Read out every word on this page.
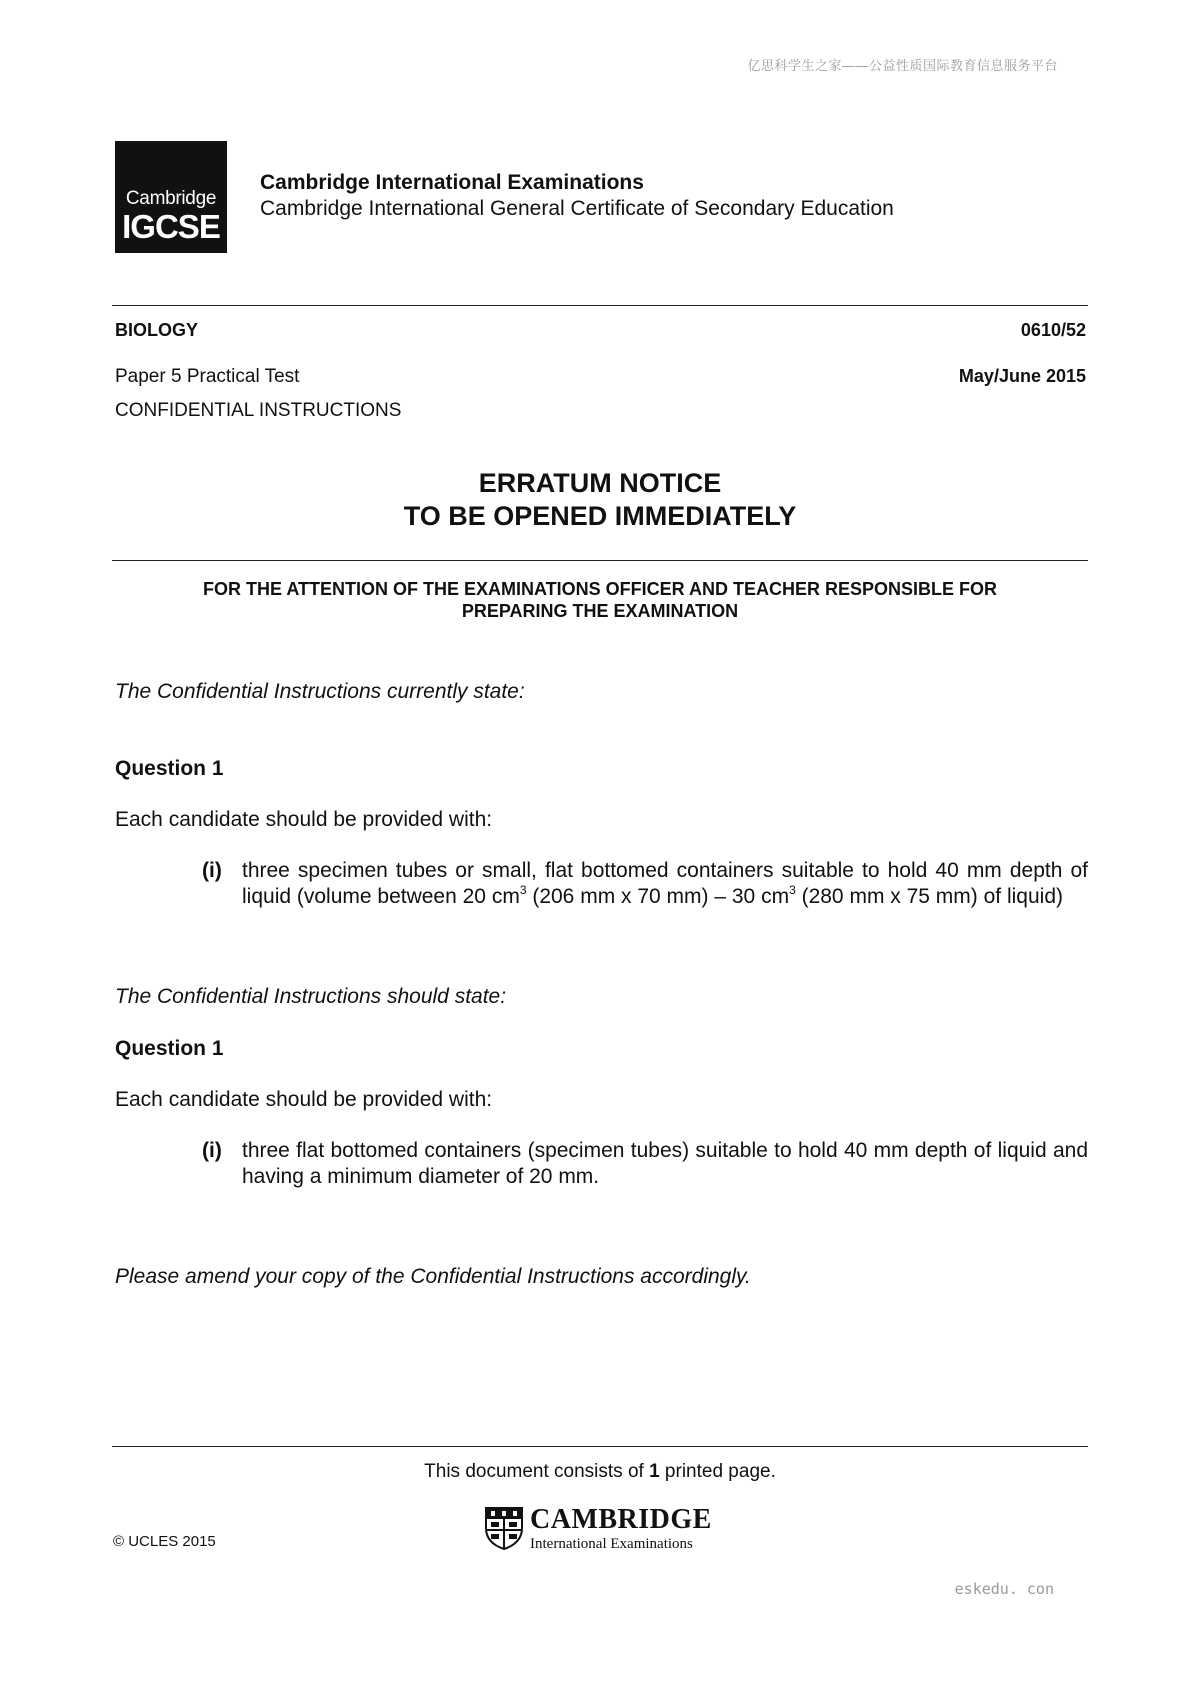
亿思科学生之家——公益性质国际教育信息服务平台
Cambridge
IGCSE
Cambridge International Examinations
Cambridge International General Certificate of Secondary Education
BIOLOGY	0610/52
Paper 5 Practical Test	May/June 2015
CONFIDENTIAL INSTRUCTIONS
ERRATUM NOTICE
TO BE OPENED IMMEDIATELY
FOR THE ATTENTION OF THE EXAMINATIONS OFFICER AND TEACHER RESPONSIBLE FOR
PREPARING THE EXAMINATION
The Confidential Instructions currently state:
Question 1
Each candidate should be provided with:
(i) three specimen tubes or small, flat bottomed containers suitable to hold 40 mm depth of liquid (volume between 20 $cm^3$ (206 mm x 70 mm) – 30 $cm^3$ (280 mm x 75 mm) of liquid)
The Confidential Instructions should state:
Question 1
Each candidate should be provided with:
(i) three flat bottomed containers (specimen tubes) suitable to hold 40 mm depth of liquid and having a minimum diameter of 20 mm.
Please amend your copy of the Confidential Instructions accordingly.
This document consists of 1 printed page.
© UCLES 2015
CAMBRIDGE
International Examinations
eskedu. con
